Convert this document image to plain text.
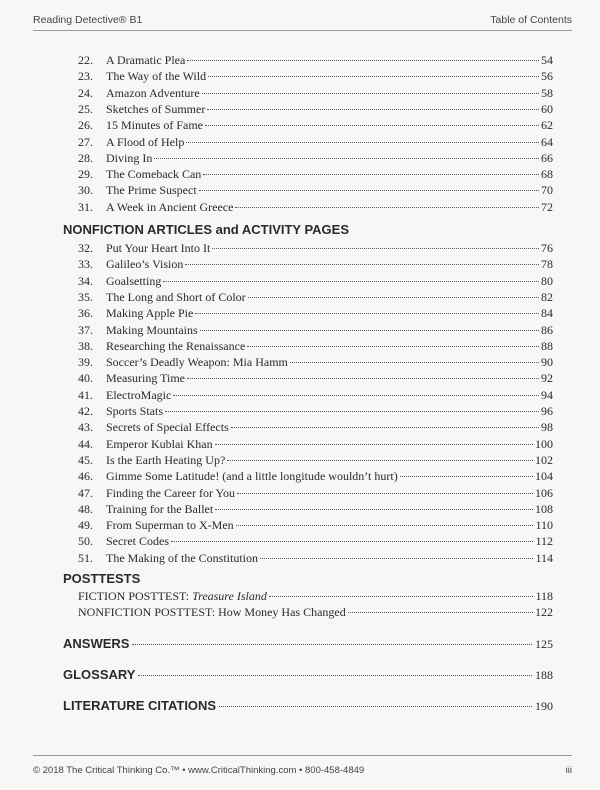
Reading Detective® B1	Table of Contents
22.	A Dramatic Plea	54
23.	The Way of the Wild	56
24.	Amazon Adventure	58
25.	Sketches of Summer	60
26.	15 Minutes of Fame	62
27.	A Flood of Help	64
28.	Diving In	66
29.	The Comeback Can	68
30.	The Prime Suspect	70
31.	A Week in Ancient Greece	72
NONFICTION ARTICLES and ACTIVITY PAGES
32.	Put Your Heart Into It	76
33.	Galileo’s Vision	78
34.	Goalsetting	80
35.	The Long and Short of Color	82
36.	Making Apple Pie	84
37.	Making Mountains	86
38.	Researching the Renaissance	88
39.	Soccer’s Deadly Weapon: Mia Hamm	90
40.	Measuring Time	92
41.	ElectroMagic	94
42.	Sports Stats	96
43.	Secrets of Special Effects	98
44.	Emperor Kublai Khan	100
45.	Is the Earth Heating Up?	102
46.	Gimme Some Latitude! (and a little longitude wouldn’t hurt)	104
47.	Finding the Career for You	106
48.	Training for the Ballet	108
49.	From Superman to X-Men	110
50.	Secret Codes	112
51.	The Making of the Constitution	114
POSTTESTS
FICTION POSTTEST: Treasure Island	118
NONFICTION POSTTEST: How Money Has Changed	122
ANSWERS	125
GLOSSARY	188
LITERATURE CITATIONS	190
© 2018 The Critical Thinking Co.™ • www.CriticalThinking.com • 800-458-4849	iii
